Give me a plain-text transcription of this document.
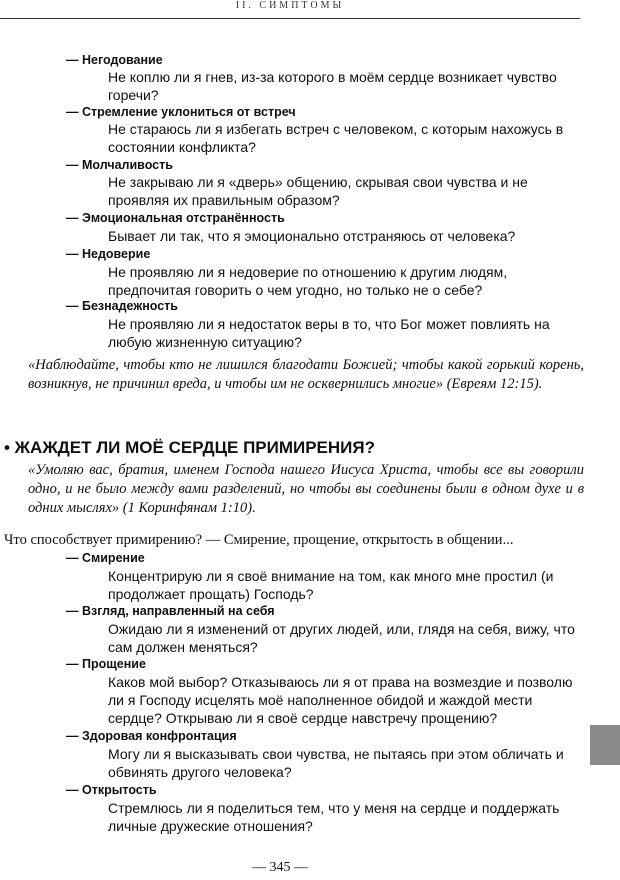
II. СИМПТОМЫ
— Негодование
Не коплю ли я гнев, из-за которого в моём сердце возникает чувство горечи?
— Стремление уклониться от встреч
Не стараюсь ли я избегать встреч с человеком, с которым нахожусь в состоянии конфликта?
— Молчаливость
Не закрываю ли я «дверь» общению, скрывая свои чувства и не проявляя их правильным образом?
— Эмоциональная отстранённость
Бывает ли так, что я эмоционально отстраняюсь от человека?
— Недоверие
Не проявляю ли я недоверие по отношению к другим людям, предпочитая говорить о чем угодно, но только не о себе?
— Безнадежность
Не проявляю ли я недостаток веры в то, что Бог может повлиять на любую жизненную ситуацию?
«Наблюдайте, чтобы кто не лишился благодати Божией; чтобы какой горький корень, возникнув, не причинил вреда, и чтобы им не осквернились многие» (Евреям 12:15).
• ЖАЖДЕТ ЛИ МОЁ СЕРДЦЕ ПРИМИРЕНИЯ?
«Умоляю вас, братия, именем Господа нашего Иисуса Христа, чтобы все вы говорили одно, и не было между вами разделений, но чтобы вы соединены были в одном духе и в одних мыслях» (1 Коринфянам 1:10).
Что способствует примирению? — Смирение, прощение, открытость в общении...
— Смирение
Концентрирую ли я своё внимание на том, как много мне простил (и продолжает прощать) Господь?
— Взгляд, направленный на себя
Ожидаю ли я изменений от других людей, или, глядя на себя, вижу, что сам должен меняться?
— Прощение
Каков мой выбор? Отказываюсь ли я от права на возмездие и позволю ли я Господу исцелять моё наполненное обидой и жаждой мести сердце? Открываю ли я своё сердце навстречу прощению?
— Здоровая конфронтация
Могу ли я высказывать свои чувства, не пытаясь при этом обличать и обвинять другого человека?
— Открытость
Стремлюсь ли я поделиться тем, что у меня на сердце и поддержать личные дружеские отношения?
— 345 —
